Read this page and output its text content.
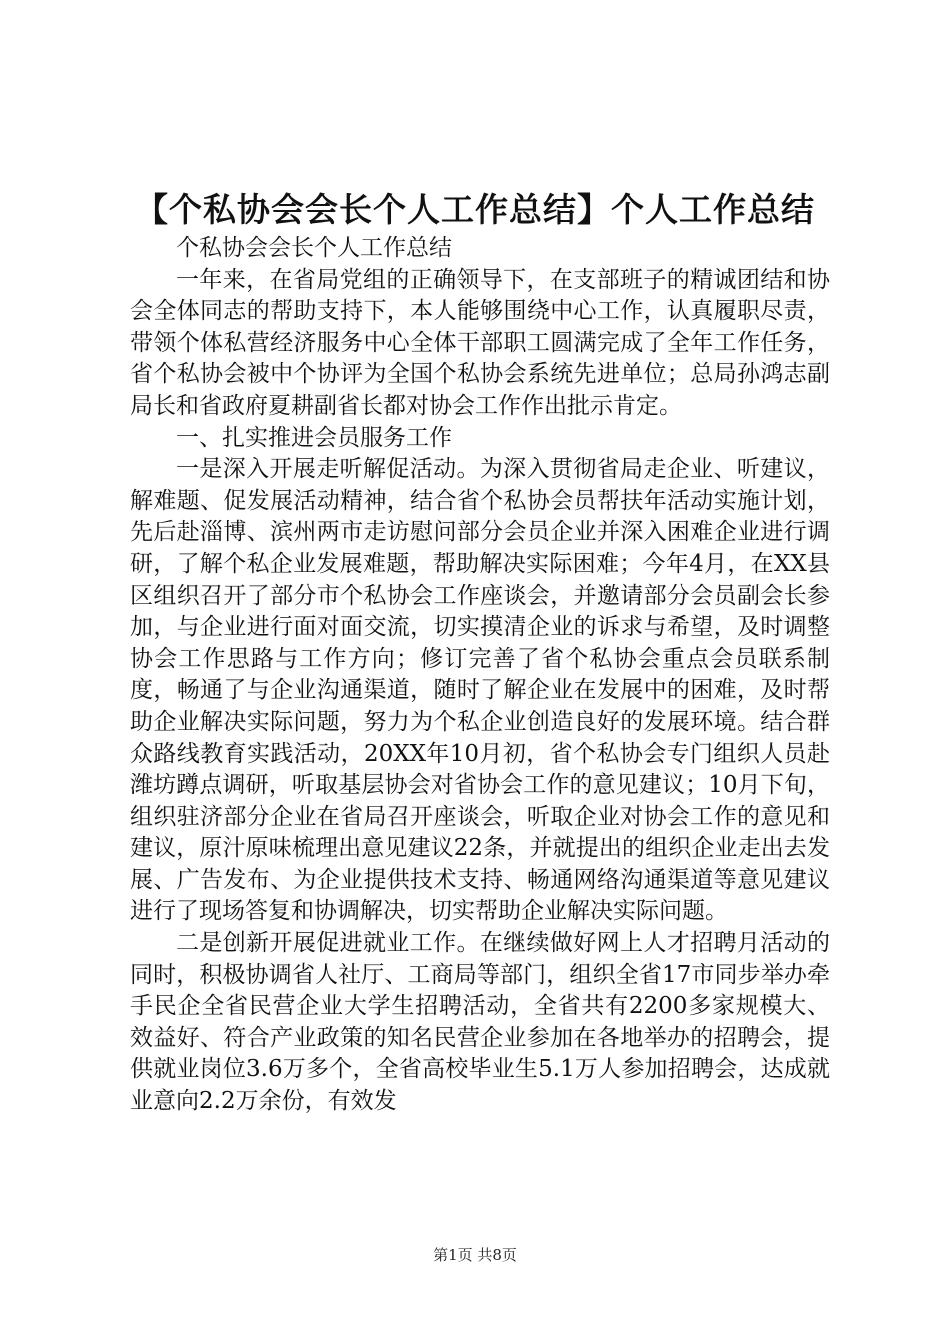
【个私协会会长个人工作总结】个人工作总结

个私协会会长个人工作总结

一年来，在省局党组的正确领导下，在支部班子的精诚团结和协会全体同志的帮助支持下，本人能够围绕中心工作，认真履职尽责，带领个体私营经济服务中心全体干部职工圆满完成了全年工作任务，省个私协会被中个协评为全国个私协会系统先进单位；总局孙鸿志副局长和省政府夏耕副省长都对协会工作作出批示肯定。

一、扎实推进会员服务工作

一是深入开展走听解促活动。为深入贯彻省局走企业、听建议，解难题、促发展活动精神，结合省个私协会员帮扶年活动实施计划，先后赴淄博、滨州两市走访慰问部分会员企业并深入困难企业进行调研，了解个私企业发展难题，帮助解决实际困难；今年4月，在XX县区组织召开了部分市个私协会工作座谈会，并邀请部分会员副会长参加，与企业进行面对面交流，切实摸清企业的诉求与希望，及时调整协会工作思路与工作方向；修订完善了省个私协会重点会员联系制度，畅通了与企业沟通渠道，随时了解企业在发展中的困难，及时帮助企业解决实际问题，努力为个私企业创造良好的发展环境。结合群众路线教育实践活动，20XX年10月初，省个私协会专门组织人员赴潍坊蹲点调研，听取基层协会对省协会工作的意见建议；10月下旬，组织驻济部分企业在省局召开座谈会，听取企业对协会工作的意见和建议，原汁原味梳理出意见建议22条，并就提出的组织企业走出去发展、广告发布、为企业提供技术支持、畅通网络沟通渠道等意见建议进行了现场答复和协调解决，切实帮助企业解决实际问题。

二是创新开展促进就业工作。在继续做好网上人才招聘月活动的同时，积极协调省人社厅、工商局等部门，组织全省17市同步举办牵手民企全省民营企业大学生招聘活动，全省共有2200多家规模大、效益好、符合产业政策的知名民营企业参加在各地举办的招聘会，提供就业岗位3.6万多个，全省高校毕业生5.1万人参加招聘会，达成就业意向2.2万余份，有效发

第1页 共8页
